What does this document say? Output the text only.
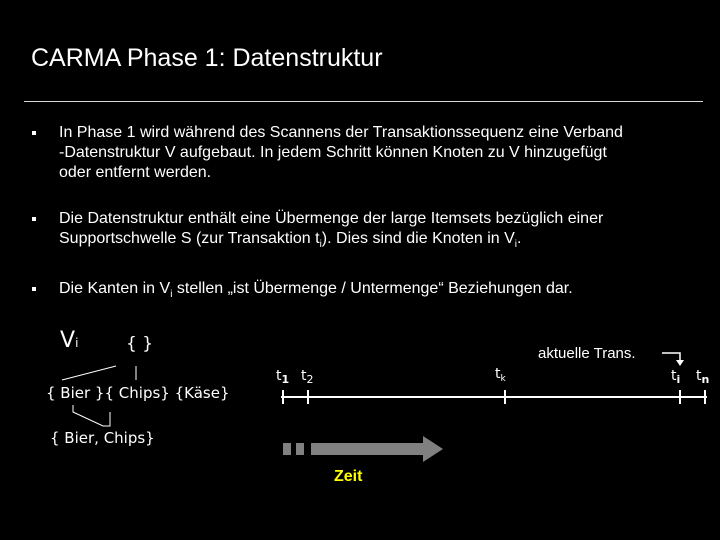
CARMA Phase 1: Datenstruktur
In Phase 1 wird während des Scannens der Transaktionssequenz eine Verband
-Datenstruktur V aufgebaut. In jedem Schritt können Knoten zu V hinzugefügt
oder entfernt werden.
Die Datenstruktur enthält eine Übermenge der large Itemsets bezüglich einer
Supportschwelle S (zur Transaktion $t_i$). Dies sind die Knoten in $V_i$.
Die Kanten in $V_i$ stellen „ist Übermenge / Untermenge“ Beziehungen dar.
Vi	{ }
{ Bier }{ Chips} {Käse}
{ Bier, Chips}
aktuelle Trans.
$t_1$ $t_2$	$t_k$	$t_i$ $t_n$
Zeit
